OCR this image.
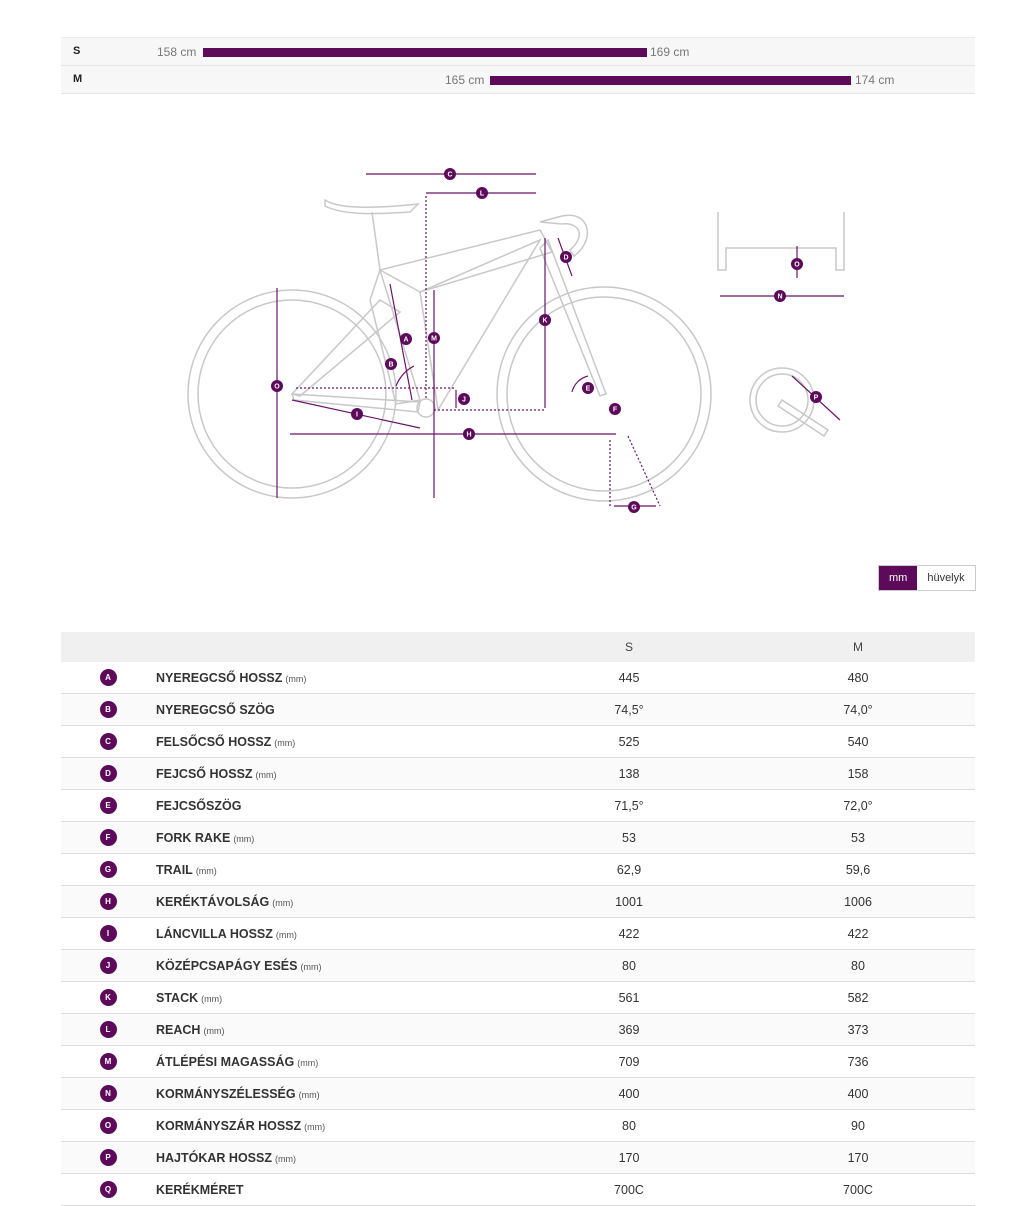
S	158 cm	169 cm
M	165 cm	174 cm
A
B
C
D
E
F
G
H
I
J
K
L
M
N
O
O
P
mm	hüvelyk
		S	M
A	NYEREGCSŐ HOSSZ (mm)	445	480
B	NYEREGCSŐ SZÖG	74,5°	74,0°
C	FELSŐCSŐ HOSSZ (mm)	525	540
D	FEJCSŐ HOSSZ (mm)	138	158
E	FEJCSŐSZÖG	71,5°	72,0°
F	FORK RAKE (mm)	53	53
G	TRAIL (mm)	62,9	59,6
H	KERÉKTÁVOLSÁG (mm)	1001	1006
I	LÁNCVILLA HOSSZ (mm)	422	422
J	KÖZÉPCSAPÁGY ESÉS (mm)	80	80
K	STACK (mm)	561	582
L	REACH (mm)	369	373
M	ÁTLÉPÉSI MAGASSÁG (mm)	709	736
N	KORMÁNYSZÉLESSÉG (mm)	400	400
O	KORMÁNYSZÁR HOSSZ (mm)	80	90
P	HAJTÓKAR HOSSZ (mm)	170	170
Q	KERÉKMÉRET	700C	700C
